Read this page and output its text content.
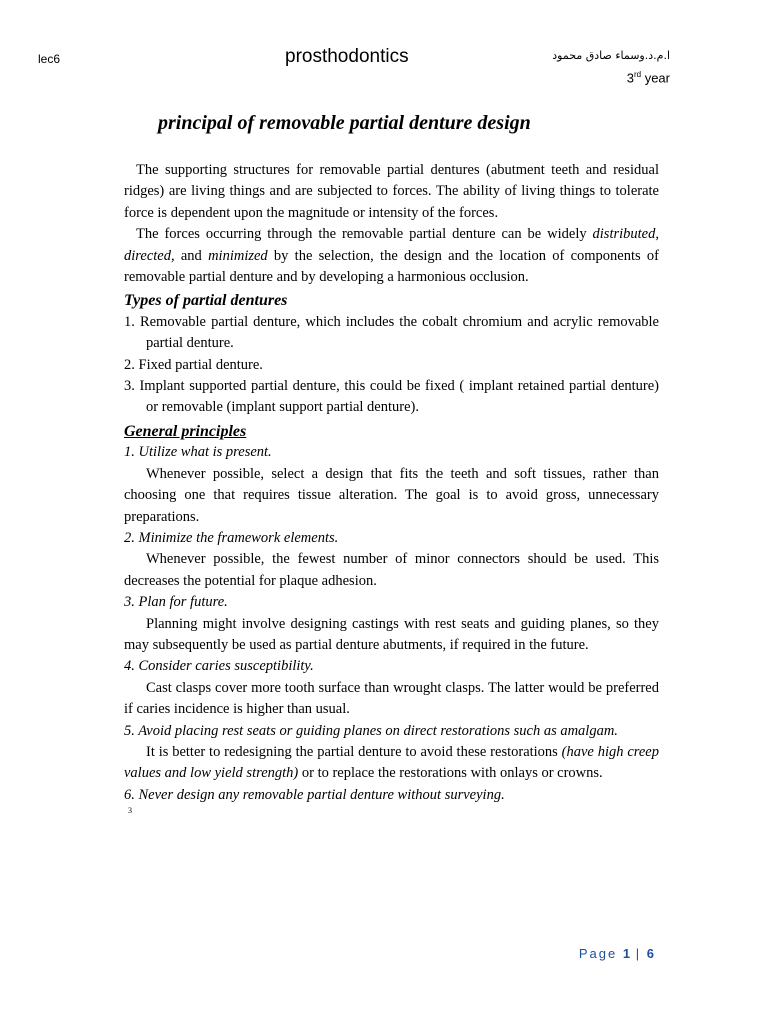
lec6	prosthodontics	ا.م.د.وسماء صادق محمود
3rd year
principal of removable partial denture design
The supporting structures for removable partial dentures (abutment teeth and residual ridges) are living things and are subjected to forces. The ability of living things to tolerate force is dependent upon the magnitude or intensity of the forces.
The forces occurring through the removable partial denture can be widely distributed, directed, and minimized by the selection, the design and the location of components of removable partial denture and by developing a harmonious occlusion.
Types of partial dentures
1. Removable partial denture, which includes the cobalt chromium and acrylic removable partial denture.
2. Fixed partial denture.
3. Implant supported partial denture, this could be fixed ( implant retained partial denture) or removable (implant support partial denture).
General principles
1. Utilize what is present.
Whenever possible, select a design that fits the teeth and soft tissues, rather than choosing one that requires tissue alteration. The goal is to avoid gross, unnecessary preparations.
2. Minimize the framework elements.
Whenever possible, the fewest number of minor connectors should be used. This decreases the potential for plaque adhesion.
3. Plan for future.
Planning might involve designing castings with rest seats and guiding planes, so they may subsequently be used as partial denture abutments, if required in the future.
4. Consider caries susceptibility.
Cast clasps cover more tooth surface than wrought clasps. The latter would be preferred if caries incidence is higher than usual.
5. Avoid placing rest seats or guiding planes on direct restorations such as amalgam.
It is better to redesigning the partial denture to avoid these restorations (have high creep values and low yield strength) or to replace the restorations with onlays or crowns.
6. Never design any removable partial denture without surveying.
3
Page 1 | 6
